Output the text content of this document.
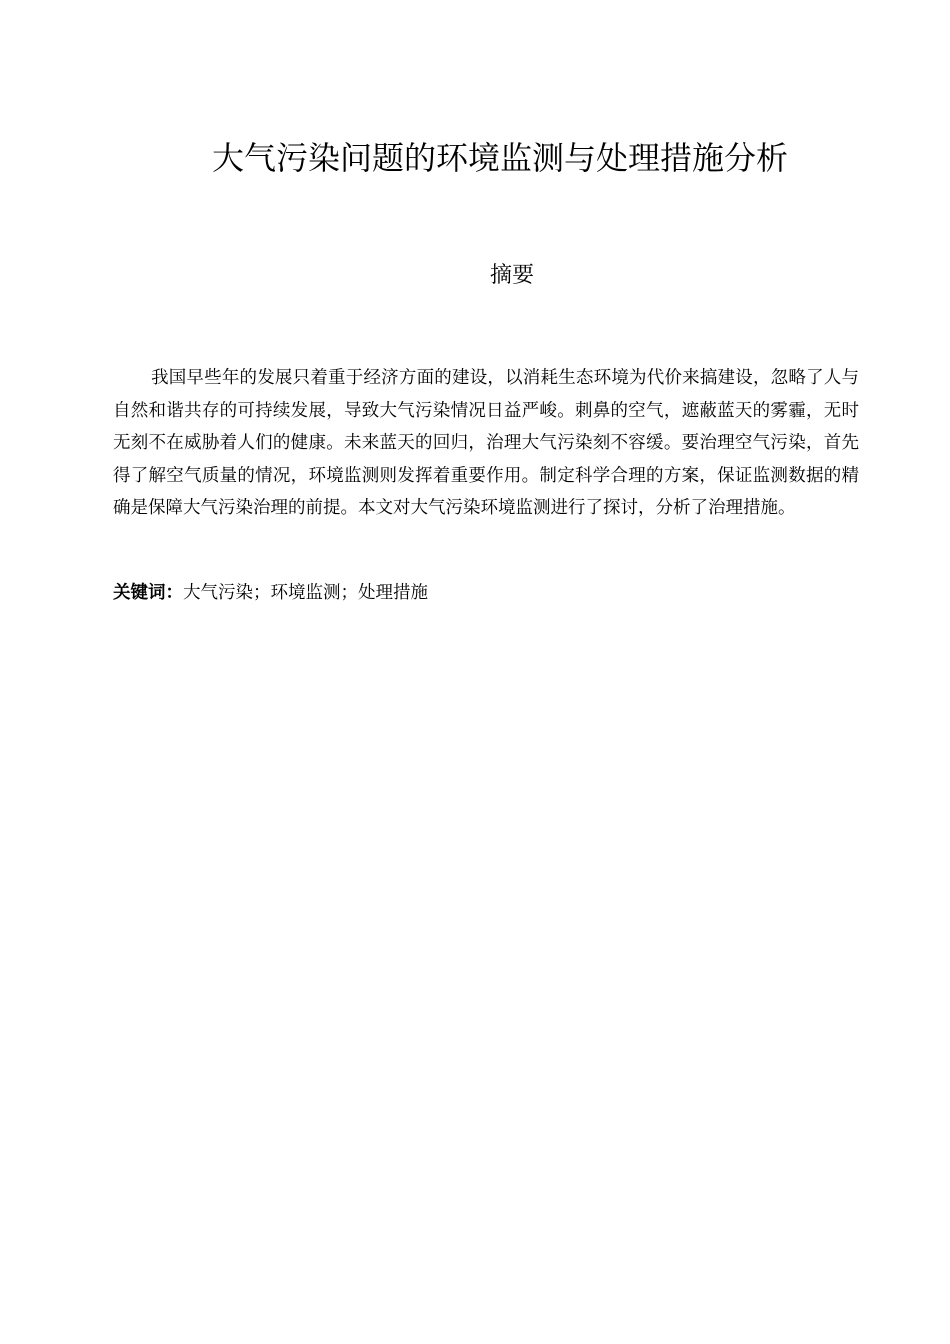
大气污染问题的环境监测与处理措施分析
摘要

我国早些年的发展只着重于经济方面的建设，以消耗生态环境为代价来搞建设，忽略了人与自然和谐共存的可持续发展，导致大气污染情况日益严峻。刺鼻的空气，遮蔽蓝天的雾霾，无时无刻不在威胁着人们的健康。未来蓝天的回归，治理大气污染刻不容缓。要治理空气污染，首先得了解空气质量的情况，环境监测则发挥着重要作用。制定科学合理的方案，保证监测数据的精确是保障大气污染治理的前提。本文对大气污染环境监测进行了探讨，分析了治理措施。

关键词：大气污染；环境监测；处理措施
